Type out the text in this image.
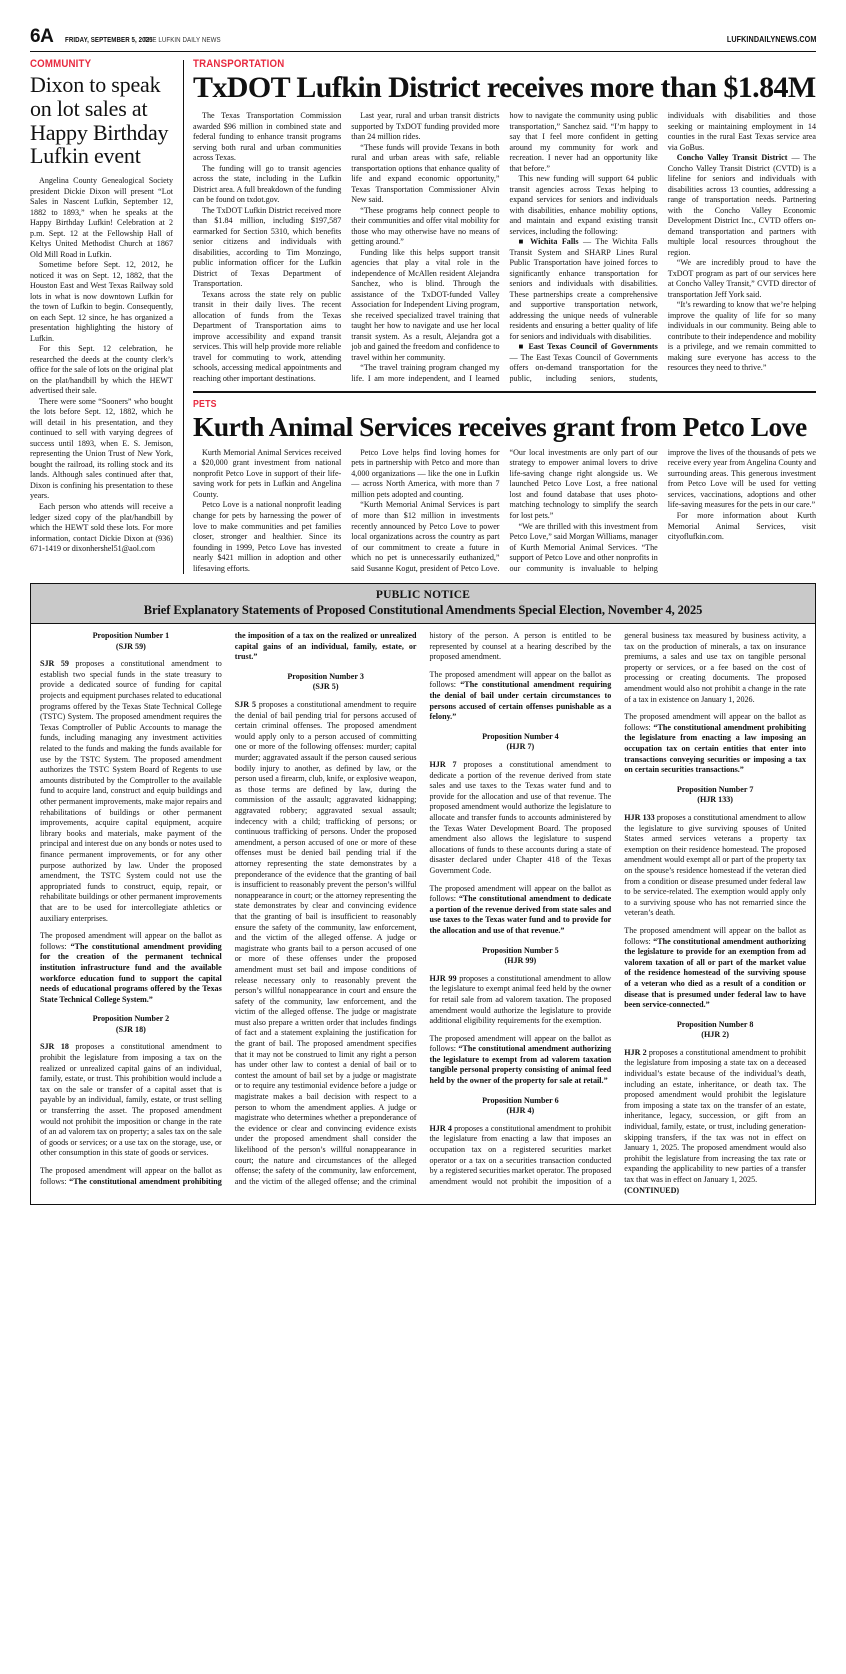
6A FRIDAY, SEPTEMBER 5, 2025
THE LUFKIN DAILY NEWS	LUFKINDAILYNEWS.COM
COMMUNITY
Dixon to speak on lot sales at Happy Birthday Lufkin event

Angelina County Genealogical Society president Dickie Dixon will present “Lot Sales in Nascent Lufkin, September 12, 1882 to 1893,” when he speaks at the Happy Birthday Lufkin! Celebration at 2 p.m. Sept. 12 at the Fellowship Hall of Keltys United Methodist Church at 1867 Old Mill Road in Lufkin.

Sometime before Sept. 12, 2012, he noticed it was on Sept. 12, 1882, that the Houston East and West Texas Railway sold lots in what is now downtown Lufkin for the town of Lufkin to begin. Consequently, on each Sept. 12 since, he has organized a presentation highlighting the history of Lufkin.

For this Sept. 12 celebration, he researched the deeds at the county clerk’s office for the sale of lots on the original plat on the plat/handbill by which the HEWT advertised their sale.

There were some “Sooners” who bought the lots before Sept. 12, 1882, which he will detail in his presentation, and they continued to sell with varying degrees of success until 1893, when E. S. Jemison, representing the Union Trust of New York, bought the railroad, its rolling stock and its lands. Although sales continued after that, Dixon is confining his presentation to these years.

Each person who attends will receive a ledger sized copy of the plat/handbill by which the HEWT sold these lots. For more information, contact Dickie Dixon at (936) 671-1419 or dixonhershel51@aol.com

TRANSPORTATION
TxDOT Lufkin District receives more than $1.84M

The Texas Transportation Commission awarded $96 million in combined state and federal funding to enhance transit programs serving both rural and urban communities across Texas.

The funding will go to transit agencies across the state, including in the Lufkin District area. A full breakdown of the funding can be found on txdot.gov.

The TxDOT Lufkin District received more than $1.84 million, including $197,587 earmarked for Section 5310, which benefits senior citizens and individuals with disabilities, according to Tim Monzingo, public information officer for the Lufkin District of Texas Department of Transportation.

Texans across the state rely on public transit in their daily lives. The recent allocation of funds from the Texas Department of Transportation aims to improve accessibility and expand transit services. This will help provide more reliable travel for commuting to work, attending schools, accessing medical appointments and reaching other important destinations.

Last year, rural and urban transit districts supported by TxDOT funding provided more than 24 million rides.

“These funds will provide Texans in both rural and urban areas with safe, reliable transportation options that enhance quality of life and expand economic opportunity,” Texas Transportation Commissioner Alvin New said.

“These programs help connect people to their communities and offer vital mobility for those who may otherwise have no means of getting around.”

Funding like this helps support transit agencies that play a vital role in the independence of McAllen resident Alejandra Sanchez, who is blind. Through the assistance of the TxDOT-funded Valley Association for Independent Living program, she received specialized travel training that taught her how to navigate and use her local transit system. As a result, Alejandra got a job and gained the freedom and confidence to travel within her community.

“The travel training program changed my life. I am more independent, and I learned how to navigate the community using public transportation,” Sanchez said. “I’m happy to say that I feel more confident in getting around my community for work and recreation. I never had an opportunity like that before.”

This new funding will support 64 public transit agencies across Texas helping to expand services for seniors and individuals with disabilities, enhance mobility options, and maintain and expand existing transit services, including the following:

■ Wichita Falls — The Wichita Falls Transit System and SHARP Lines Rural Public Transportation have joined forces to significantly enhance transportation for seniors and individuals with disabilities. These partnerships create a comprehensive and supportive transportation network, addressing the unique needs of vulnerable residents and ensuring a better quality of life for seniors and individuals with disabilities.

■ East Texas Council of Governments — The East Texas Council of Governments offers on-demand transportation for the public, including seniors, students, individuals with disabilities and those seeking or maintaining employment in 14 counties in the rural East Texas service area via GoBus.

Concho Valley Transit District — The Concho Valley Transit District (CVTD) is a lifeline for seniors and individuals with disabilities across 13 counties, addressing a range of transportation needs. Partnering with the Concho Valley Economic Development District Inc., CVTD offers on-demand transportation and partners with multiple local resources throughout the region.

“We are incredibly proud to have the TxDOT program as part of our services here at Concho Valley Transit,” CVTD director of transportation Jeff York said.

“It’s rewarding to know that we’re helping improve the quality of life for so many individuals in our community. Being able to contribute to their independence and mobility is a privilege, and we remain committed to making sure everyone has access to the resources they need to thrive.”

PETS
Kurth Animal Services receives grant from Petco Love

Kurth Memorial Animal Services received a $20,000 grant investment from national nonprofit Petco Love in support of their life-saving work for pets in Lufkin and Angelina County.

Petco Love is a national nonprofit leading change for pets by harnessing the power of love to make communities and pet families closer, stronger and healthier. Since its founding in 1999, Petco Love has invested nearly $421 million in adoption and other lifesaving efforts.

Petco Love helps find loving homes for pets in partnership with Petco and more than 4,000 organizations — like the one in Lufkin — across North America, with more than 7 million pets adopted and counting.

“Kurth Memorial Animal Services is part of more than $12 million in investments recently announced by Petco Love to power local organizations across the country as part of our commitment to create a future in which no pet is unnecessarily euthanized,” said Susanne Kogut, president of Petco Love. “Our local investments are only part of our strategy to empower animal lovers to drive life-saving change right alongside us. We launched Petco Love Lost, a free national lost and found database that uses photo-matching technology to simplify the search for lost pets.”

“We are thrilled with this investment from Petco Love,” said Morgan Williams, manager of Kurth Memorial Animal Services. “The support of Petco Love and other nonprofits in our community is invaluable to helping improve the lives of the thousands of pets we receive every year from Angelina County and surrounding areas. This generous investment from Petco Love will be used for vetting services, vaccinations, adoptions and other life-saving measures for the pets in our care.”

For more information about Kurth Memorial Animal Services, visit cityoflufkin.com.

PUBLIC NOTICE
Brief Explanatory Statements of Proposed Constitutional Amendments Special Election, November 4, 2025

Proposition Number 1

(SJR 59)

SJR 59 proposes a constitutional amendment to establish two special funds in the state treasury to provide a dedicated source of funding for capital projects and equipment purchases related to educational programs offered by the Texas State Technical College (TSTC) System. The proposed amendment requires the Texas Comptroller of Public Accounts to manage the funds, including managing any investment activities related to the funds and making the funds available for use by the TSTC System. The proposed amendment authorizes the TSTC System Board of Regents to use amounts distributed by the Comptroller to the available fund to acquire land, construct and equip buildings and other permanent improvements, make major repairs and rehabilitations of buildings or other permanent improvements, acquire capital equipment, acquire library books and materials, make payment of the principal and interest due on any bonds or notes used to finance permanent improvements, or for any other purpose authorized by law. Under the proposed amendment, the TSTC System could not use the appropriated funds to construct, equip, repair, or rehabilitate buildings or other permanent improvements that are to be used for intercollegiate athletics or auxiliary enterprises.

The proposed amendment will appear on the ballot as follows: “The constitutional amendment providing for the creation of the permanent technical institution infrastructure fund and the available workforce education fund to support the capital needs of educational programs offered by the Texas State Technical College System.”

Proposition Number 2

(SJR 18)

SJR 18 proposes a constitutional amendment to prohibit the legislature from imposing a tax on the realized or unrealized capital gains of an individual, family, estate, or trust. This prohibition would include a tax on the sale or transfer of a capital asset that is payable by an individual, family, estate, or trust selling or transferring the asset. The proposed amendment would not prohibit the imposition or change in the rate of an ad valorem tax on property; a sales tax on the sale of goods or services; or a use tax on the storage, use, or other consumption in this state of goods or services.

The proposed amendment will appear on the ballot as follows: “The constitutional amendment prohibiting the imposition of a tax on the realized or unrealized capital gains of an individual, family, estate, or trust.”

Proposition Number 3

(SJR 5)

SJR 5 proposes a constitutional amendment to require the denial of bail pending trial for persons accused of certain criminal offenses. The proposed amendment would apply only to a person accused of committing one or more of the following offenses: murder; capital murder; aggravated assault if the person caused serious bodily injury to another, as defined by law, or the person used a firearm, club, knife, or explosive weapon, as those terms are defined by law, during the commission of the assault; aggravated kidnapping; aggravated robbery; aggravated sexual assault; indecency with a child; trafficking of persons; or continuous trafficking of persons. Under the proposed amendment, a person accused of one or more of these offenses must be denied bail pending trial if the attorney representing the state demonstrates by a preponderance of the evidence that the granting of bail is insufficient to reasonably prevent the person’s willful nonappearance in court; or the attorney representing the state demonstrates by clear and convincing evidence that the granting of bail is insufficient to reasonably ensure the safety of the community, law enforcement, and the victim of the alleged offense. A judge or magistrate who grants bail to a person accused of one or more of these offenses under the proposed amendment must set bail and impose conditions of release necessary only to reasonably prevent the person’s willful nonappearance in court and ensure the safety of the community, law enforcement, and the victim of the alleged offense. The judge or magistrate must also prepare a written order that includes findings of fact and a statement explaining the justification for the grant of bail. The proposed amendment specifies that it may not be construed to limit any right a person has under other law to contest a denial of bail or to contest the amount of bail set by a judge or magistrate or to require any testimonial evidence before a judge or magistrate makes a bail decision with respect to a person to whom the amendment applies. A judge or magistrate who determines whether a preponderance of the evidence or clear and convincing evidence exists under the proposed amendment shall consider the likelihood of the person’s willful nonappearance in court; the nature and circumstances of the alleged offense; the safety of the community, law enforcement, and the victim of the alleged offense; and the criminal history of the person. A person is entitled to be represented by counsel at a hearing described by the proposed amendment.

The proposed amendment will appear on the ballot as follows: “The constitutional amendment requiring the denial of bail under certain circumstances to persons accused of certain offenses punishable as a felony.”

Proposition Number 4

(HJR 7)

HJR 7 proposes a constitutional amendment to dedicate a portion of the revenue derived from state sales and use taxes to the Texas water fund and to provide for the allocation and use of that revenue. The proposed amendment would authorize the legislature to allocate and transfer funds to accounts administered by the Texas Water Development Board. The proposed amendment also allows the legislature to suspend allocations of funds to these accounts during a state of disaster declared under Chapter 418 of the Texas Government Code.

The proposed amendment will appear on the ballot as follows: “The constitutional amendment to dedicate a portion of the revenue derived from state sales and use taxes to the Texas water fund and to provide for the allocation and use of that revenue.”

Proposition Number 5

(HJR 99)

HJR 99 proposes a constitutional amendment to allow the legislature to exempt animal feed held by the owner for retail sale from ad valorem taxation. The proposed amendment would authorize the legislature to provide additional eligibility requirements for the exemption.

The proposed amendment will appear on the ballot as follows: “The constitutional amendment authorizing the legislature to exempt from ad valorem taxation tangible personal property consisting of animal feed held by the owner of the property for sale at retail.”

Proposition Number 6

(HJR 4)

HJR 4 proposes a constitutional amendment to prohibit the legislature from enacting a law that imposes an occupation tax on a registered securities market operator or a tax on a securities transaction conducted by a registered securities market operator. The proposed amendment would not prohibit the imposition of a general business tax measured by business activity, a tax on the production of minerals, a tax on insurance premiums, a sales and use tax on tangible personal property or services, or a fee based on the cost of processing or creating documents. The proposed amendment would also not prohibit a change in the rate of a tax in existence on January 1, 2026.

The proposed amendment will appear on the ballot as follows: “The constitutional amendment prohibiting the legislature from enacting a law imposing an occupation tax on certain entities that enter into transactions conveying securities or imposing a tax on certain securities transactions.”

Proposition Number 7

(HJR 133)

HJR 133 proposes a constitutional amendment to allow the legislature to give surviving spouses of United States armed services veterans a property tax exemption on their residence homestead. The proposed amendment would exempt all or part of the property tax on the spouse’s residence homestead if the veteran died from a condition or disease presumed under federal law to be service-related. The exemption would apply only to a surviving spouse who has not remarried since the veteran’s death.

The proposed amendment will appear on the ballot as follows: “The constitutional amendment authorizing the legislature to provide for an exemption from ad valorem taxation of all or part of the market value of the residence homestead of the surviving spouse of a veteran who died as a result of a condition or disease that is presumed under federal law to have been service-connected.”

Proposition Number 8

(HJR 2)

HJR 2 proposes a constitutional amendment to prohibit the legislature from imposing a state tax on a deceased individual’s estate because of the individual’s death, including an estate, inheritance, or death tax. The proposed amendment would prohibit the legislature from imposing a state tax on the transfer of an estate, inheritance, legacy, succession, or gift from an individual, family, estate, or trust, including generation-skipping transfers, if the tax was not in effect on January 1, 2025. The proposed amendment would also prohibit the legislature from increasing the tax rate or expanding the applicability to new parties of a transfer tax that was in effect on January 1, 2025.

(CONTINUED)
